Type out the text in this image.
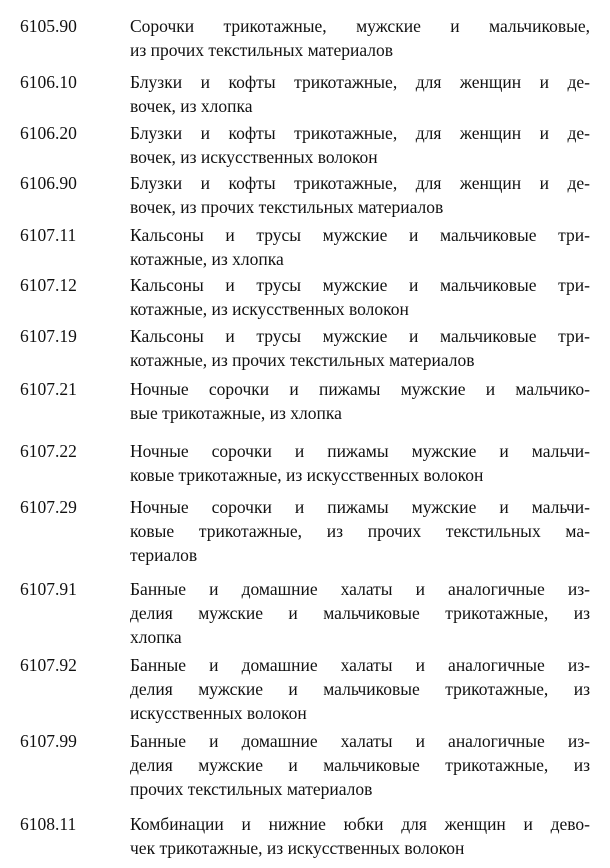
6105.90	Сорочки трикотажные, мужские и мальчиковые,
из прочих текстильных материалов
6106.10	Блузки и кофты трикотажные, для женщин и де-
вочек, из хлопка
6106.20	Блузки и кофты трикотажные, для женщин и де-
вочек, из искусственных волокон
6106.90	Блузки и кофты трикотажные, для женщин и де-
вочек, из прочих текстильных материалов
6107.11	Кальсоны и трусы мужские и мальчиковые три-
котажные, из хлопка
6107.12	Кальсоны и трусы мужские и мальчиковые три-
котажные, из искусственных волокон
6107.19	Кальсоны и трусы мужские и мальчиковые три-
котажные, из прочих текстильных материалов
6107.21	Ночные сорочки и пижамы мужские и мальчико-
вые трикотажные, из хлопка
6107.22	Ночные сорочки и пижамы мужские и мальчи-
ковые трикотажные, из искусственных волокон
6107.29	Ночные сорочки и пижамы мужские и мальчи-
ковые трикотажные, из прочих текстильных ма-
териалов
6107.91	Банные и домашние халаты и аналогичные из-
делия мужские и мальчиковые трикотажные, из
хлопка
6107.92	Банные и домашние халаты и аналогичные из-
делия мужские и мальчиковые трикотажные, из
искусственных волокон
6107.99	Банные и домашние халаты и аналогичные из-
делия мужские и мальчиковые трикотажные, из
прочих текстильных материалов
6108.11	Комбинации и нижние юбки для женщин и дево-
чек трикотажные, из искусственных волокон
